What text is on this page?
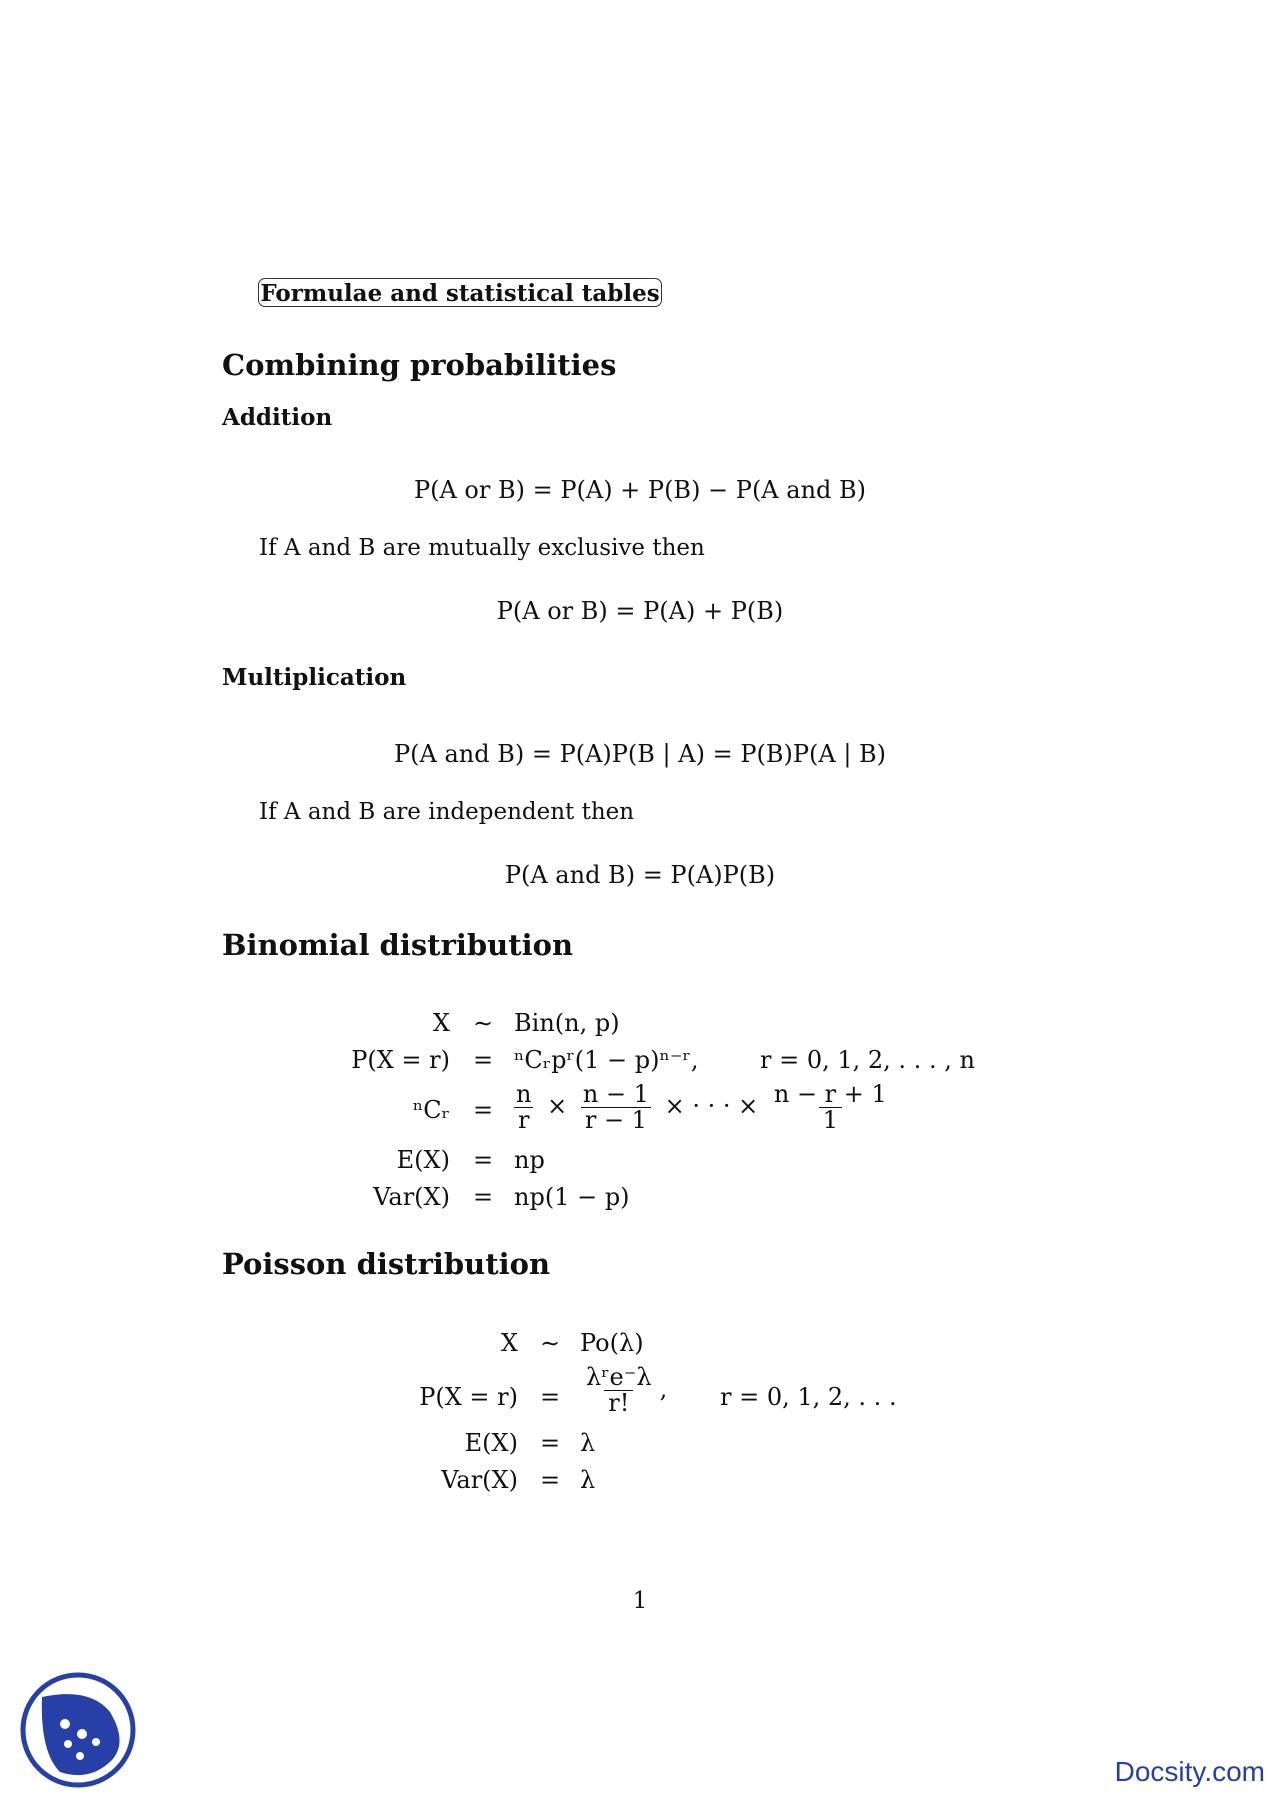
Formulae and statistical tables
Combining probabilities
Addition
P(A or B) = P(A) + P(B) − P(A and B)
If A and B are mutually exclusive then
P(A or B) = P(A) + P(B)
Multiplication
P(A and B) = P(A)P(B | A) = P(B)P(A | B)
If A and B are independent then
P(A and B) = P(A)P(B)
Binomial distribution
X ∼ Bin(n, p)
P(X = r) = ⁿCᵣpʳ(1 − p)ⁿ⁻ʳ,	r = 0, 1, 2, . . . , n
ⁿCᵣ = $\frac{n}{r} \times \frac{n - 1}{r - 1}$ × · · · × $\frac{n - r + 1}{1}$
E(X) = np
Var(X) = np(1 − p)
Poisson distribution
X ∼ Po(λ)
$P(X = r) = \frac{\text{λʳe⁻λ}}{r!}$ , r = 0, 1, 2, . . .
E(X) = λ
Var(X) = λ
1
Docsity.com
